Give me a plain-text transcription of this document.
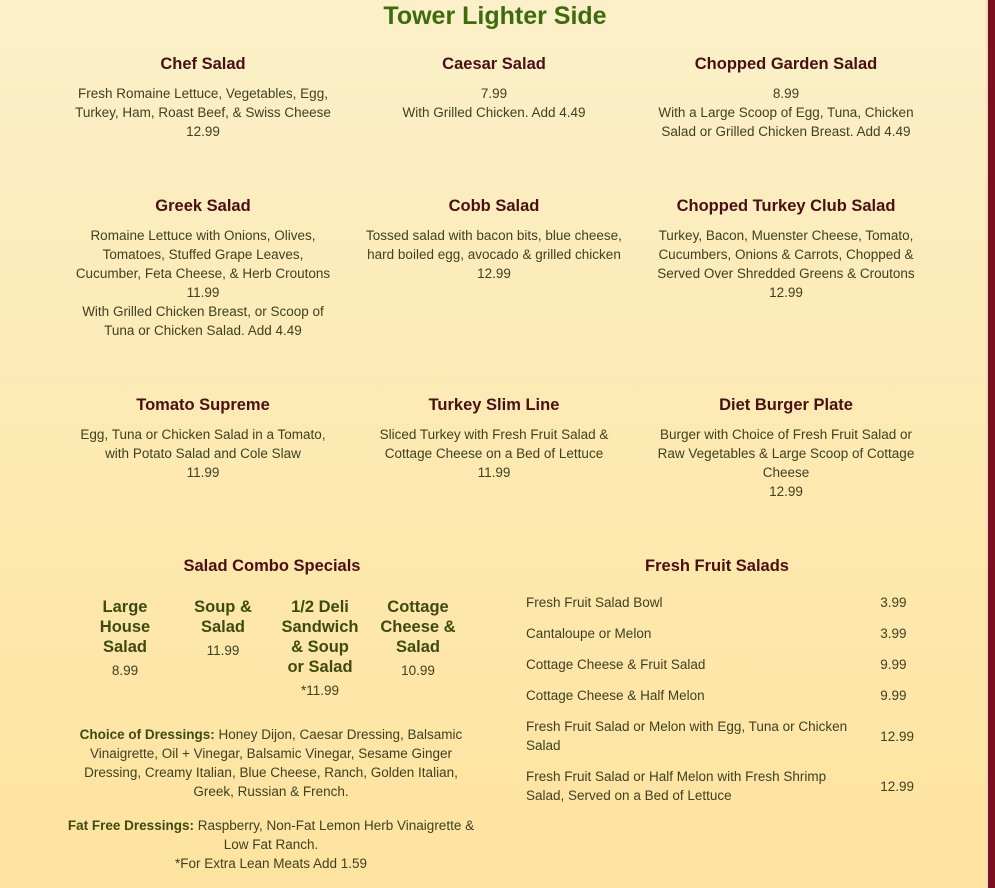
Tower Lighter Side
Chef Salad

Fresh Romaine Lettuce, Vegetables, Egg,
Turkey, Ham, Roast Beef, & Swiss Cheese
12.99

Caesar Salad

7.99
With Grilled Chicken. Add 4.49

Chopped Garden Salad

8.99
With a Large Scoop of Egg, Tuna, Chicken
Salad or Grilled Chicken Breast. Add 4.49

Greek Salad

Romaine Lettuce with Onions, Olives,
Tomatoes, Stuffed Grape Leaves,
Cucumber, Feta Cheese, & Herb Croutons
11.99
With Grilled Chicken Breast, or Scoop of
Tuna or Chicken Salad. Add 4.49

Cobb Salad

Tossed salad with bacon bits, blue cheese,
hard boiled egg, avocado & grilled chicken
12.99

Chopped Turkey Club Salad

Turkey, Bacon, Muenster Cheese, Tomato,
Cucumbers, Onions & Carrots, Chopped &
Served Over Shredded Greens & Croutons
12.99

Tomato Supreme

Egg, Tuna or Chicken Salad in a Tomato,
with Potato Salad and Cole Slaw
11.99

Turkey Slim Line

Sliced Turkey with Fresh Fruit Salad &
Cottage Cheese on a Bed of Lettuce
11.99

Diet Burger Plate

Burger with Choice of Fresh Fruit Salad or
Raw Vegetables & Large Scoop of Cottage
Cheese
12.99

Salad Combo Specials
Large
House
Salad
8.99
Soup &
Salad
11.99
1/2 Deli
Sandwich
& Soup
or Salad
*11.99
Cottage
Cheese &
Salad
10.99

Choice of Dressings: Honey Dijon, Caesar Dressing, Balsamic Vinaigrette, Oil + Vinegar, Balsamic Vinegar, Sesame Ginger Dressing, Creamy Italian, Blue Cheese, Ranch, Golden Italian, Greek, Russian & French.

Fat Free Dressings: Raspberry, Non-Fat Lemon Herb Vinaigrette & Low Fat Ranch.
*For Extra Lean Meats Add 1.59

Fresh Fruit Salads
Fresh Fruit Salad Bowl	3.99
Cantaloupe or Melon	3.99
Cottage Cheese & Fruit Salad	9.99
Cottage Cheese & Half Melon	9.99
Fresh Fruit Salad or Melon with Egg, Tuna or Chicken Salad	12.99
Fresh Fruit Salad or Half Melon with Fresh Shrimp Salad, Served on a Bed of Lettuce	12.99
